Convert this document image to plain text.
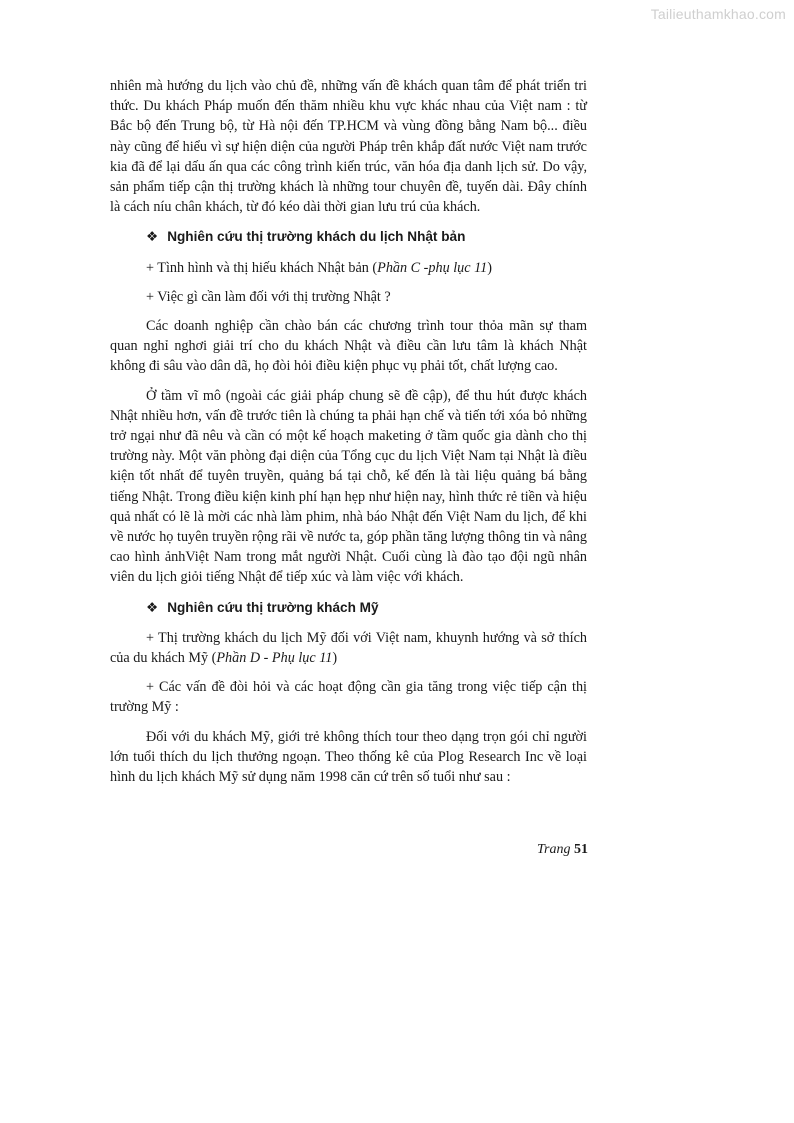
Tailieuthamkhao.com

nhiên mà hướng du lịch vào chủ đề, những vấn đề khách quan tâm để phát triển tri thức. Du khách Pháp muốn đến thăm nhiều khu vực khác nhau của Việt nam : từ Bắc bộ đến Trung bộ, từ Hà nội đến TP.HCM và vùng đồng bằng Nam bộ... điều này cũng để hiểu vì sự hiện diện của người Pháp trên khắp đất nước Việt nam trước kia đã để lại dấu ấn qua các công trình kiến trúc, văn hóa địa danh lịch sử. Do vậy, sản phẩm tiếp cận thị trường khách là những tour chuyên đề, tuyến dài. Đây chính là cách níu chân khách, từ đó kéo dài thời gian lưu trú của khách.

❖ Nghiên cứu thị trường khách du lịch Nhật bản

+ Tình hình và thị hiếu khách Nhật bản (Phần C -phụ lục 11)

+ Việc gì cần làm đối với thị trường Nhật ?

Các doanh nghiệp cần chào bán các chương trình tour thỏa mãn sự tham quan nghỉ nghơi giải trí cho du khách Nhật và điều cần lưu tâm là khách Nhật không đi sâu vào dân dã, họ đòi hỏi điều kiện phục vụ phải tốt, chất lượng cao.

Ở tầm vĩ mô (ngoài các giải pháp chung sẽ đề cập), để thu hút được khách Nhật nhiều hơn, vấn đề trước tiên là chúng ta phải hạn chế và tiến tới xóa bỏ những trở ngại như đã nêu và cần có một kế hoạch maketing ở tầm quốc gia dành cho thị trường này. Một văn phòng đại diện của Tổng cục du lịch Việt Nam tại Nhật là điều kiện tốt nhất để tuyên truyền, quảng bá tại chỗ, kế đến là tài liệu quảng bá bằng tiếng Nhật. Trong điều kiện kinh phí hạn hẹp như hiện nay, hình thức rẻ tiền và hiệu quả nhất có lẽ là mời các nhà làm phim, nhà báo Nhật đến Việt Nam du lịch, để khi về nước họ tuyên truyền rộng rãi về nước ta, góp phần tăng lượng thông tin và nâng cao hình ảnhViệt Nam trong mắt người Nhật. Cuối cùng là đào tạo đội ngũ nhân viên du lịch giỏi tiếng Nhật để tiếp xúc và làm việc với khách.

❖ Nghiên cứu thị trường khách Mỹ

+ Thị trường khách du lịch Mỹ đối với Việt nam, khuynh hướng và sở thích của du khách Mỹ (Phần D - Phụ lục 11)

+ Các vấn đề đòi hỏi và các hoạt động cần gia tăng trong việc tiếp cận thị trường Mỹ :

Đối với du khách Mỹ, giới trẻ không thích tour theo dạng trọn gói chỉ người lớn tuổi thích du lịch thưởng ngoạn. Theo thống kê của Plog Research Inc về loại hình du lịch khách Mỹ sử dụng năm 1998 căn cứ trên số tuổi như sau :

Trang 51
